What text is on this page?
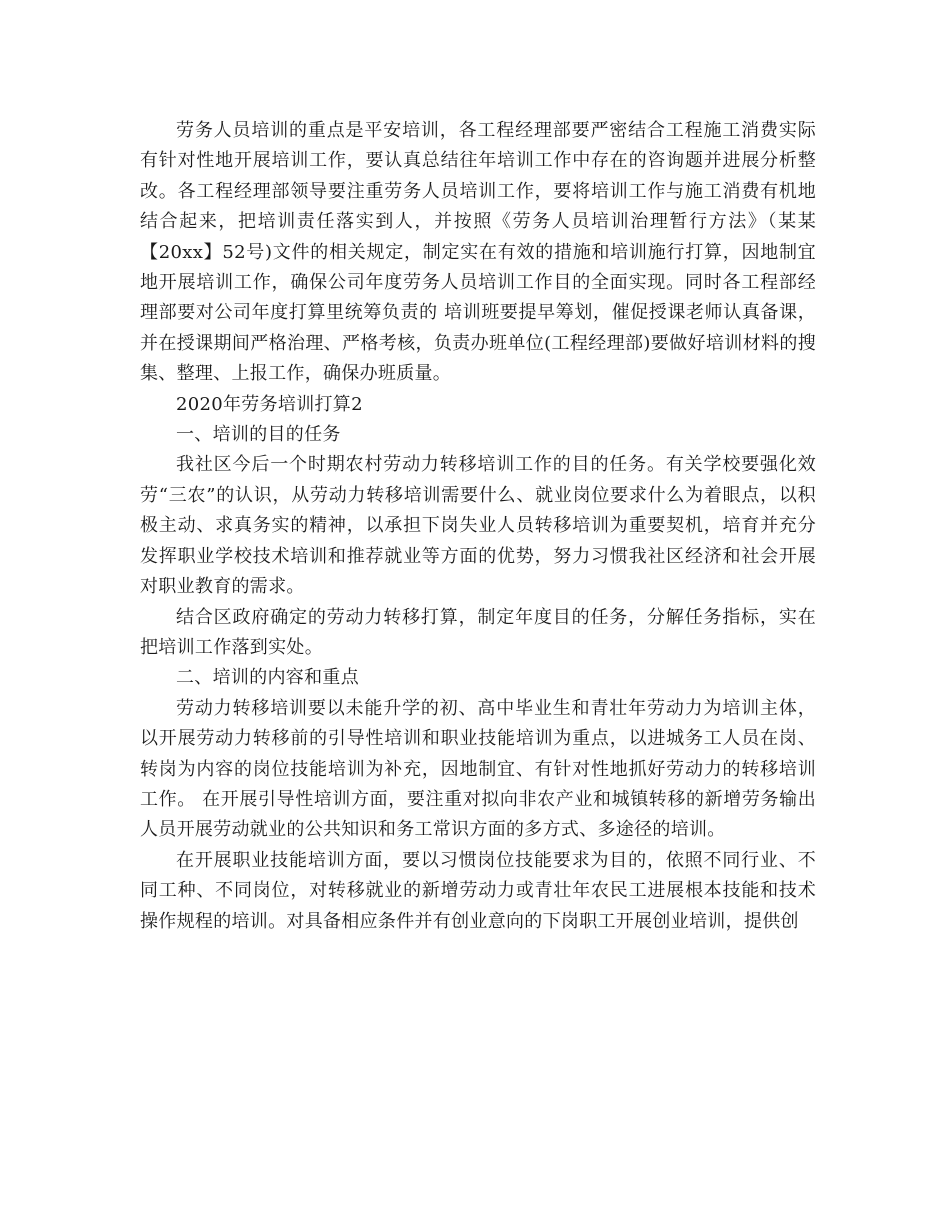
劳务人员培训的重点是平安培训，各工程经理部要严密结合工程施工消费实际有针对性地开展培训工作，要认真总结往年培训工作中存在的咨询题并进展分析整改。各工程经理部领导要注重劳务人员培训工作，要将培训工作与施工消费有机地结合起来，把培训责任落实到人，并按照《劳务人员培训治理暂行方法》（某某【20xx】52号)文件的相关规定，制定实在有效的措施和培训施行打算，因地制宜地开展培训工作，确保公司年度劳务人员培训工作目的全面实现。同时各工程部经理部要对公司年度打算里统筹负责的 培训班要提早筹划，催促授课老师认真备课，并在授课期间严格治理、严格考核，负责办班单位(工程经理部)要做好培训材料的搜集、整理、上报工作，确保办班质量。

2020年劳务培训打算2

一、培训的目的任务

我社区今后一个时期农村劳动力转移培训工作的目的任务。有关学校要强化效劳“三农”的认识，从劳动力转移培训需要什么、就业岗位要求什么为着眼点，以积极主动、求真务实的精神，以承担下岗失业人员转移培训为重要契机，培育并充分发挥职业学校技术培训和推荐就业等方面的优势，努力习惯我社区经济和社会开展对职业教育的需求。

结合区政府确定的劳动力转移打算，制定年度目的任务，分解任务指标，实在把培训工作落到实处。

二、培训的内容和重点

劳动力转移培训要以未能升学的初、高中毕业生和青壮年劳动力为培训主体，以开展劳动力转移前的引导性培训和职业技能培训为重点，以进城务工人员在岗、转岗为内容的岗位技能培训为补充，因地制宜、有针对性地抓好劳动力的转移培训工作。 在开展引导性培训方面，要注重对拟向非农产业和城镇转移的新增劳务输出人员开展劳动就业的公共知识和务工常识方面的多方式、多途径的培训。

在开展职业技能培训方面，要以习惯岗位技能要求为目的，依照不同行业、不同工种、不同岗位，对转移就业的新增劳动力或青壮年农民工进展根本技能和技术操作规程的培训。对具备相应条件并有创业意向的下岗职工开展创业培训，提供创
